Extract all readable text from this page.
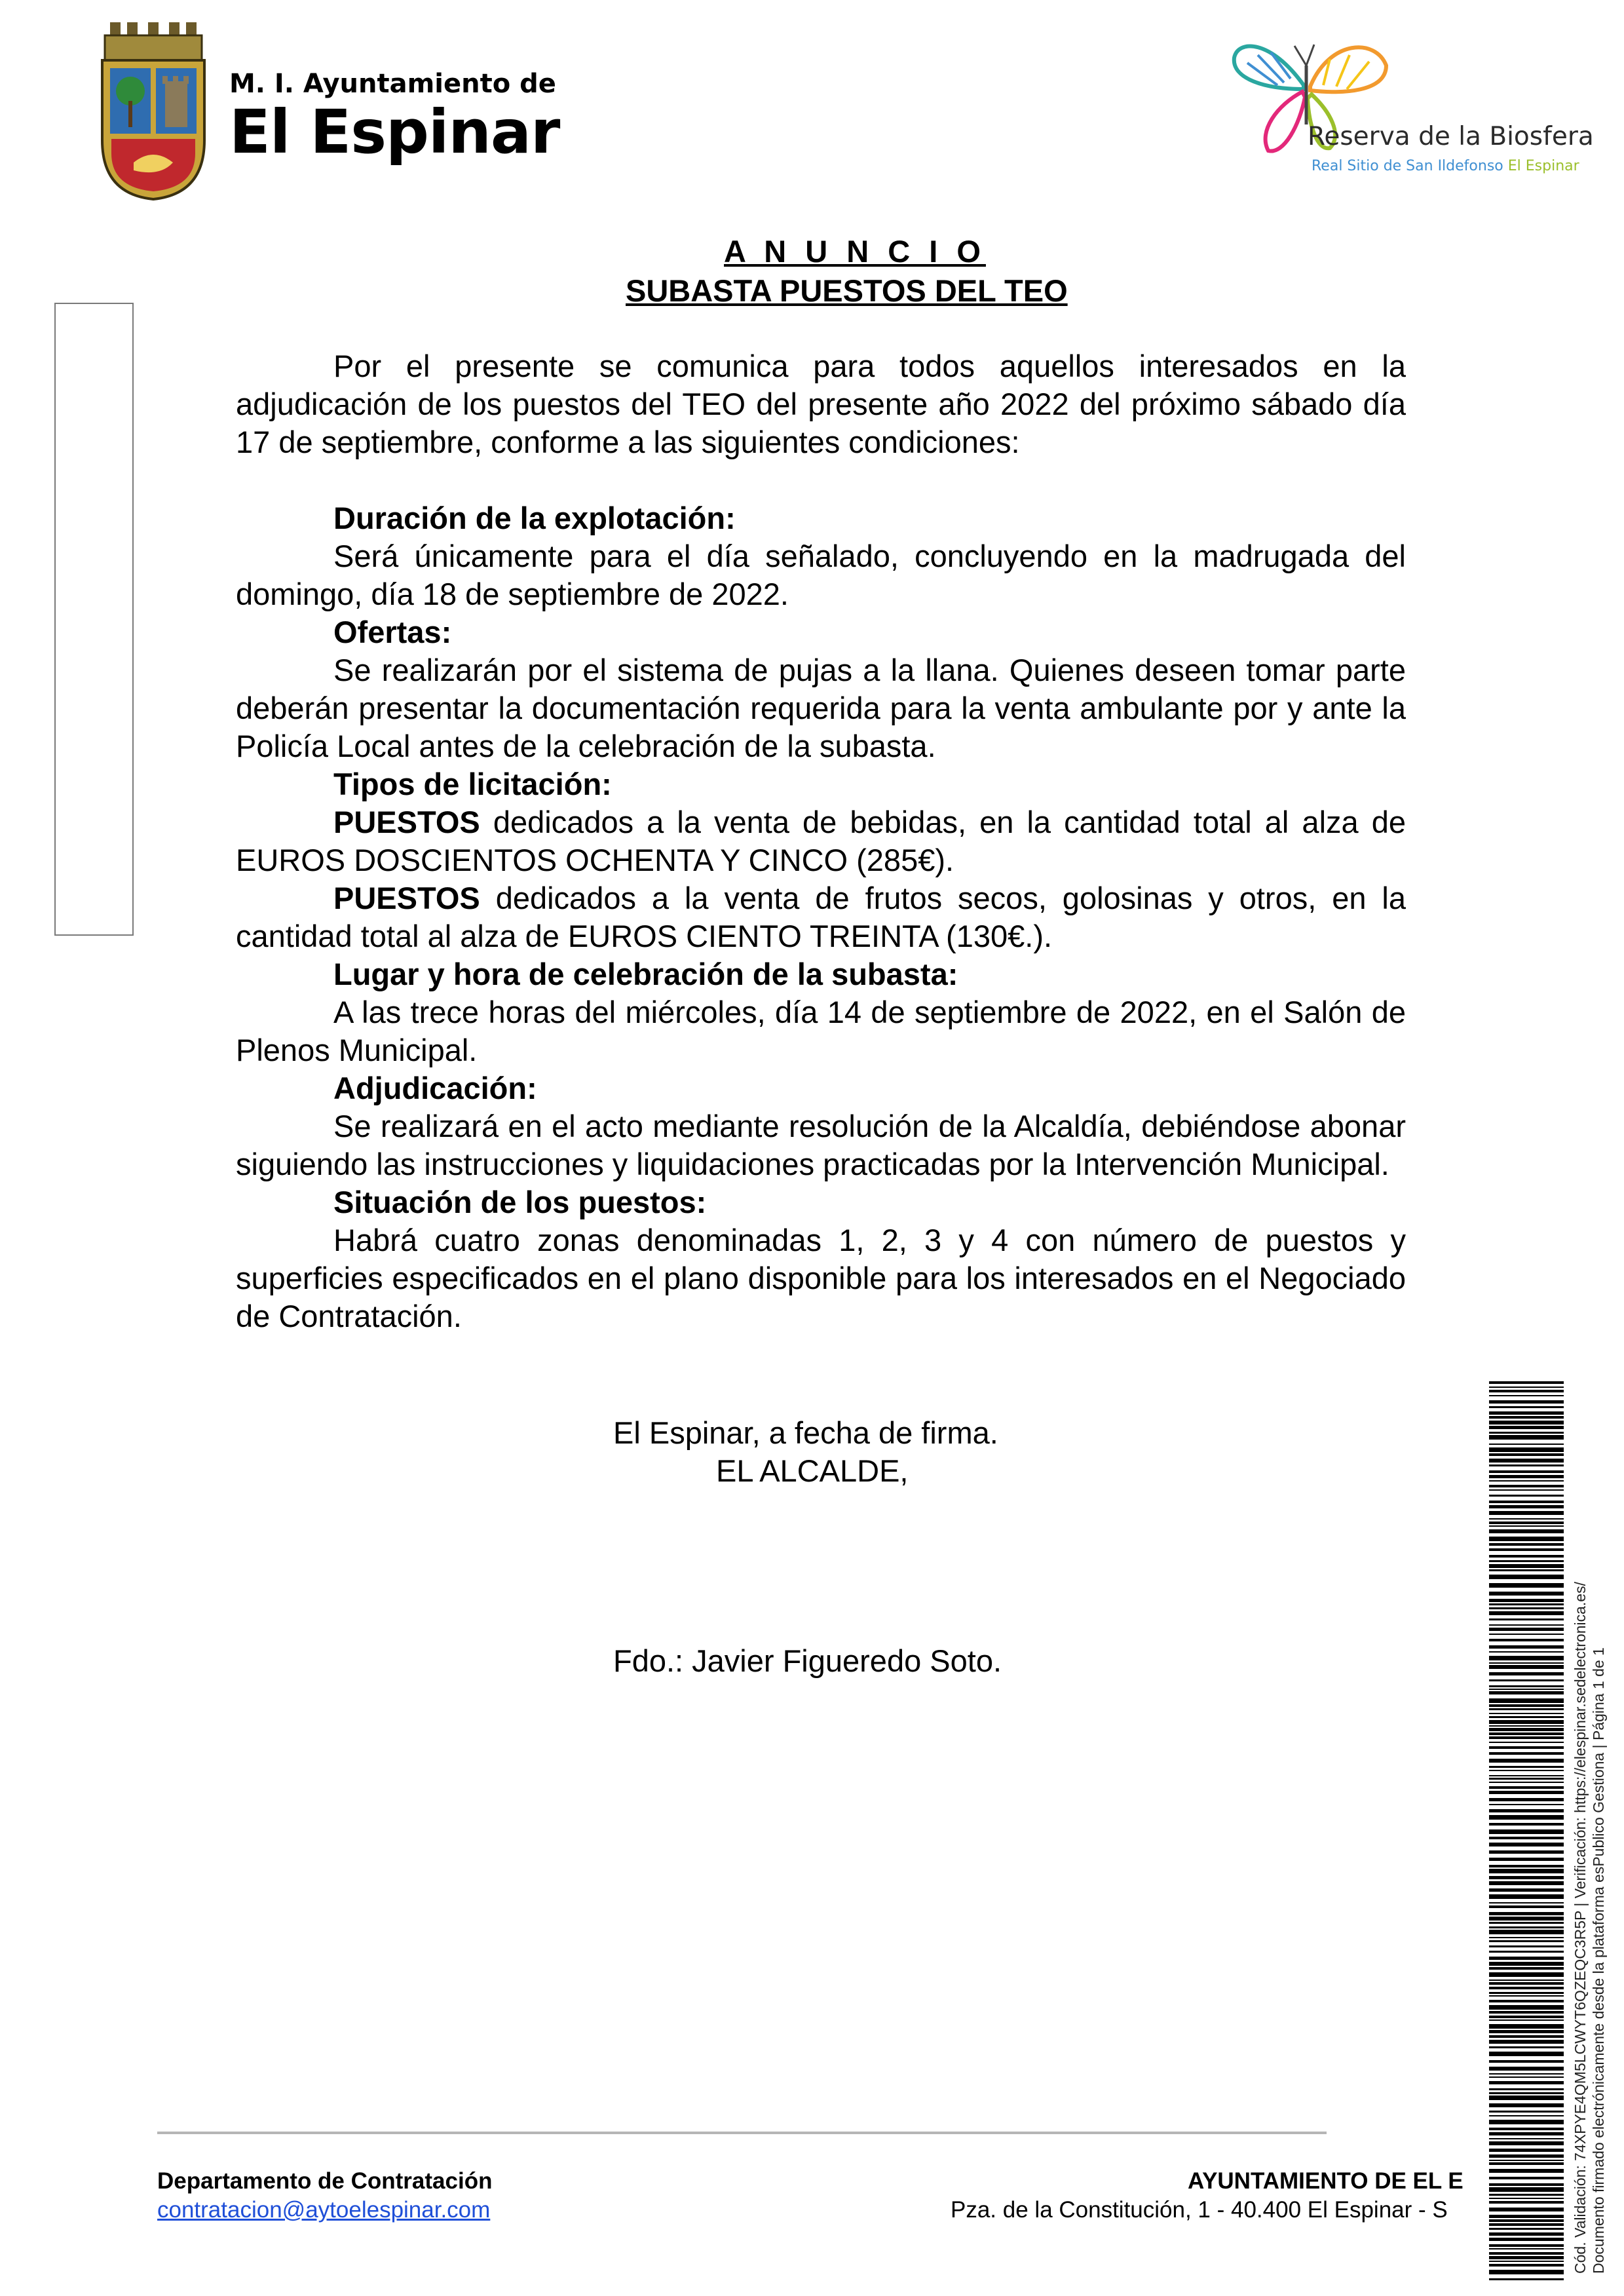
M. I. Ayuntamiento de
El Espinar	Reserva de la Biosfera
Real Sitio de San Ildefonso El Espinar
A N U N C I O
SUBASTA PUESTOS DEL TEO

Por el presente se comunica para todos aquellos interesados en la adjudicación de los puestos del TEO del presente año 2022 del próximo sábado día 17 de septiembre, conforme a las siguientes condiciones:

Duración de la explotación:

Será únicamente para el día señalado, concluyendo en la madrugada del domingo, día 18 de septiembre de 2022.

Ofertas:

Se realizarán por el sistema de pujas a la llana. Quienes deseen tomar parte deberán presentar la documentación requerida para la venta ambulante por y ante la Policía Local antes de la celebración de la subasta.

Tipos de licitación:

PUESTOS dedicados a la venta de bebidas, en la cantidad total al alza de EUROS DOSCIENTOS OCHENTA Y CINCO (285€).

PUESTOS dedicados a la venta de frutos secos, golosinas y otros, en la cantidad total al alza de EUROS CIENTO TREINTA (130€.).

Lugar y hora de celebración de la subasta:

A las trece horas del miércoles, día 14 de septiembre de 2022, en el Salón de Plenos Municipal.

Adjudicación:

Se realizará en el acto mediante resolución de la Alcaldía, debiéndose abonar siguiendo las instrucciones y liquidaciones practicadas por la Intervención Municipal.

Situación de los puestos:

Habrá cuatro zonas denominadas 1, 2, 3 y 4 con número de puestos y superficies especificados en el plano disponible para los interesados en el Negociado de Contratación.

El Espinar, a fecha de firma.
EL ALCALDE,
Fdo.: Javier Figueredo Soto.
Departamento de Contratación
contratacion@aytoelespinar.com
AYUNTAMIENTO DE EL E
Pza. de la Constitución, 1 - 40.400 El Espinar - S	Cód. Validación: 74XPYE4QM5LCWYT6QZEQC3R5P | Verificación: https://elespinar.sedelectronica.es/ Documento firmado electrónicamente desde la plataforma esPublico Gestiona | Página 1 de 1
